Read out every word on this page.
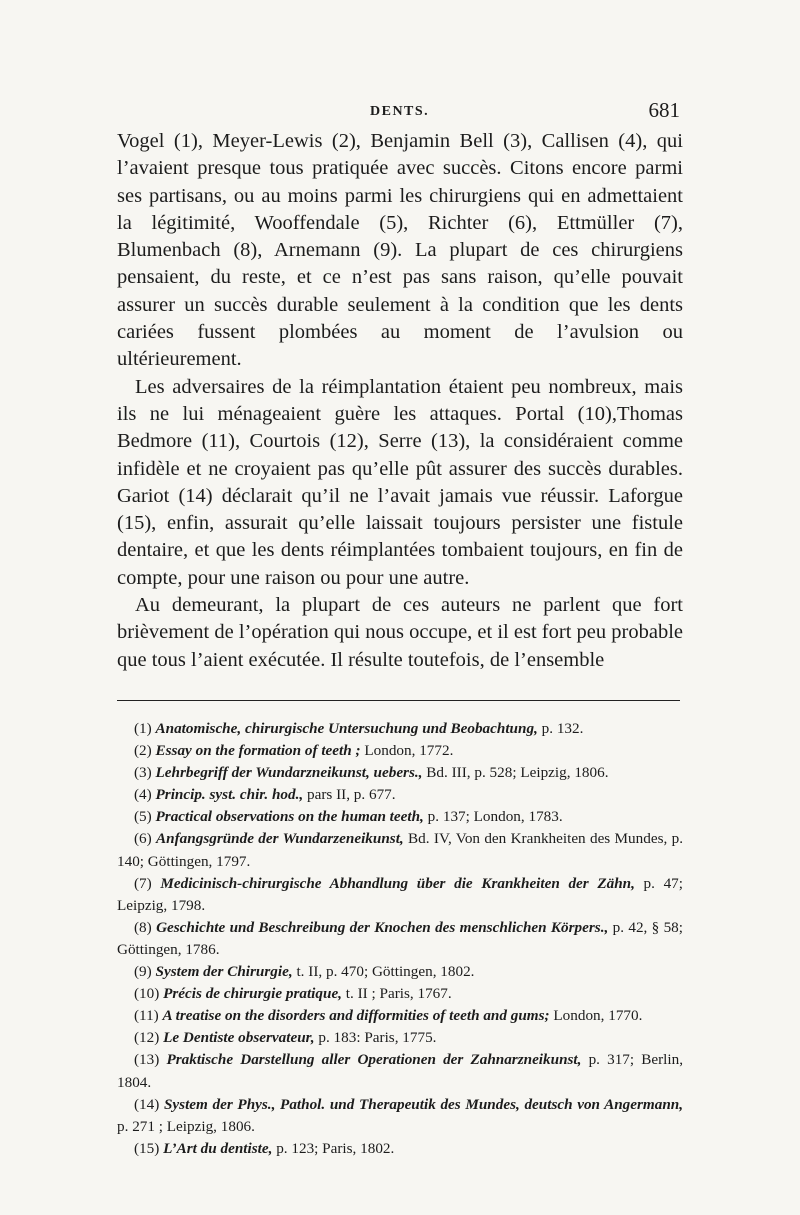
DENTS.	681

Vogel (1), Meyer-Lewis (2), Benjamin Bell (3), Callisen (4), qui l’avaient presque tous pratiquée avec succès. Citons encore parmi ses partisans, ou au moins parmi les chirurgiens qui en admettaient la légitimité, Wooffendale (5), Richter (6), Ettmüller (7), Blumenbach (8), Arnemann (9). La plupart de ces chirurgiens pensaient, du reste, et ce n’est pas sans raison, qu’elle pouvait assurer un succès durable seulement à la condition que les dents cariées fussent plombées au moment de l’avulsion ou ultérieurement.

Les adversaires de la réimplantation étaient peu nombreux, mais ils ne lui ménageaient guère les attaques. Portal (10),Thomas Bedmore (11), Courtois (12), Serre (13), la considéraient comme infidèle et ne croyaient pas qu’elle pût assurer des succès durables. Gariot (14) déclarait qu’il ne l’avait jamais vue réussir. Laforgue (15), enfin, assurait qu’elle laissait toujours persister une fistule dentaire, et que les dents réimplantées tombaient toujours, en fin de compte, pour une raison ou pour une autre.

Au demeurant, la plupart de ces auteurs ne parlent que fort brièvement de l’opération qui nous occupe, et il est fort peu probable que tous l’aient exécutée. Il résulte toutefois, de l’ensemble

(1) Anatomische, chirurgische Untersuchung und Beobachtung, p. 132.

(2) Essay on the formation of teeth ; London, 1772.

(3) Lehrbegriff der Wundarzneikunst, uebers., Bd. III, p. 528; Leipzig, 1806.

(4) Princip. syst. chir. hod., pars II, p. 677.

(5) Practical observations on the human teeth, p. 137; London, 1783.

(6) Anfangsgründe der Wundarzeneikunst, Bd. IV, Von den Krankheiten des Mundes, p. 140; Göttingen, 1797.

(7) Medicinisch-chirurgische Abhandlung über die Krankheiten der Zähn, p. 47; Leipzig, 1798.

(8) Geschichte und Beschreibung der Knochen des menschlichen Körpers., p. 42, § 58; Göttingen, 1786.

(9) System der Chirurgie, t. II, p. 470; Göttingen, 1802.

(10) Précis de chirurgie pratique, t. II ; Paris, 1767.

(11) A treatise on the disorders and difformities of teeth and gums; London, 1770.

(12) Le Dentiste observateur, p. 183: Paris, 1775.

(13) Praktische Darstellung aller Operationen der Zahnarzneikunst, p. 317; Berlin, 1804.

(14) System der Phys., Pathol. und Therapeutik des Mundes, deutsch von Angermann, p. 271 ; Leipzig, 1806.

(15) L’Art du dentiste, p. 123; Paris, 1802.
